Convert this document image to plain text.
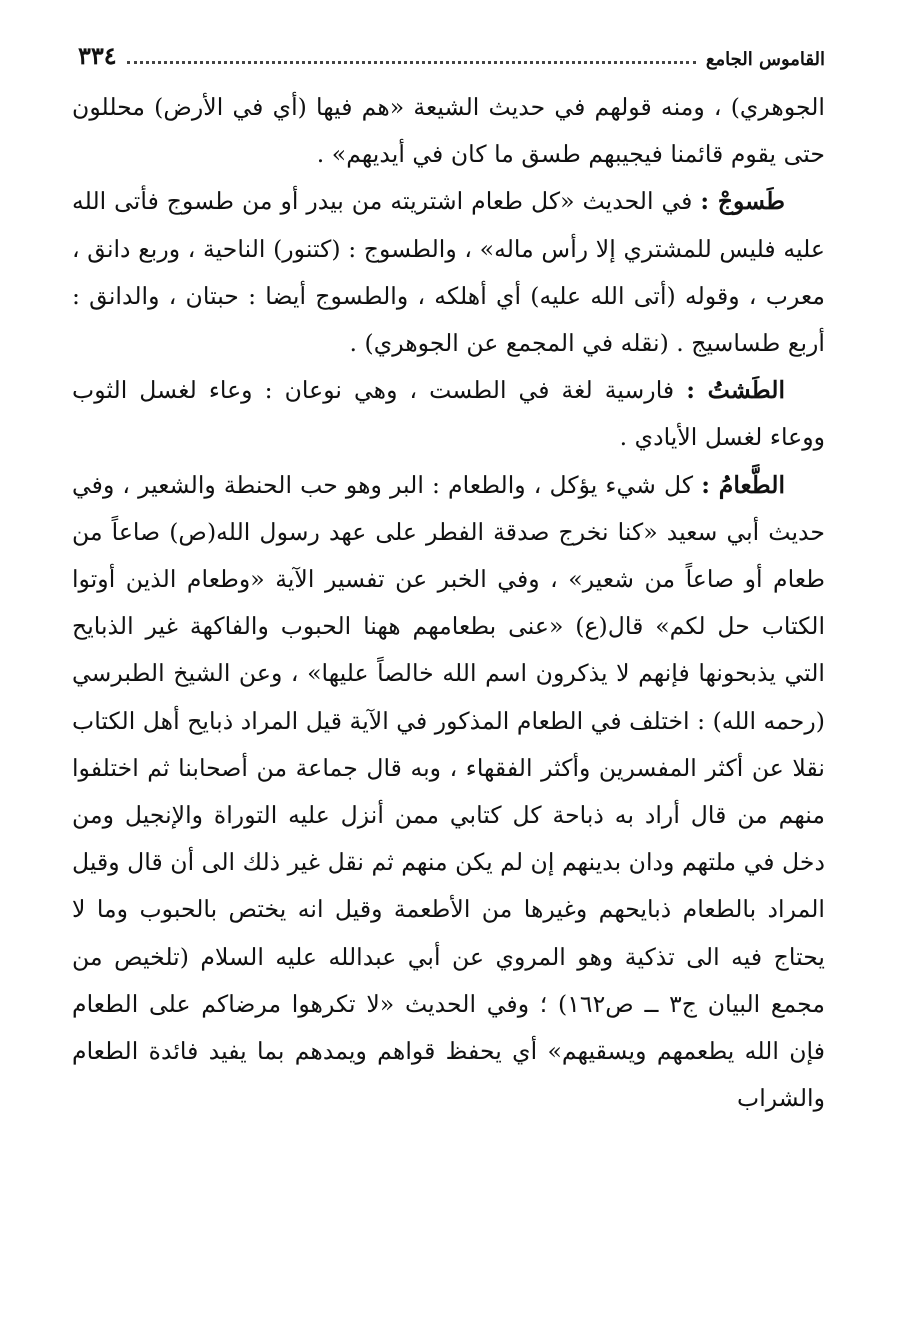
٣٣٤	القاموس الجامع

الجوهري) ، ومنه قولهم في حديث الشيعة «هم فيها (أي في الأرض) محللون حتى يقوم قائمنا فيجيبهم طسق ما كان في أيديهم» .

طَسوجْ : في الحديث «كل طعام اشتريته من بيدر أو من طسوج فأتى الله عليه فليس للمشتري إلا رأس ماله» ، والطسوج : (كتنور) الناحية ، وربع دانق ، معرب ، وقوله (أتى الله عليه) أي أهلكه ، والطسوج أيضا : حبتان ، والدانق : أربع طساسيج . (نقله في المجمع عن الجوهري) .

الطَشتُ : فارسية لغة في الطست ، وهي نوعان : وعاء لغسل الثوب ووعاء لغسل الأيادي .

الطَّعامُ : كل شيء يؤكل ، والطعام : البر وهو حب الحنطة والشعير ، وفي حديث أبي سعيد «كنا نخرج صدقة الفطر على عهد رسول الله(ص) صاعاً من طعام أو صاعاً من شعير» ، وفي الخبر عن تفسير الآية «وطعام الذين أوتوا الكتاب حل لكم» قال(ع) «عنى بطعامهم ههنا الحبوب والفاكهة غير الذبايح التي يذبحونها فإنهم لا يذكرون اسم الله خالصاً عليها» ، وعن الشيخ الطبرسي (رحمه الله) : اختلف في الطعام المذكور في الآية قيل المراد ذبايح أهل الكتاب نقلا عن أكثر المفسرين وأكثر الفقهاء ، وبه قال جماعة من أصحابنا ثم اختلفوا منهم من قال أراد به ذباحة كل كتابي ممن أنزل عليه التوراة والإنجيل ومن دخل في ملتهم ودان بدينهم إن لم يكن منهم ثم نقل غير ذلك الى أن قال وقيل المراد بالطعام ذبايحهم وغيرها من الأطعمة وقيل انه يختص بالحبوب وما لا يحتاج فيه الى تذكية وهو المروي عن أبي عبدالله عليه السلام (تلخيص من مجمع البيان ج٣ ــ ص١٦٢) ؛ وفي الحديث «لا تكرهوا مرضاكم على الطعام فإن الله يطعمهم ويسقيهم» أي يحفظ قواهم ويمدهم بما يفيد فائدة الطعام والشراب
